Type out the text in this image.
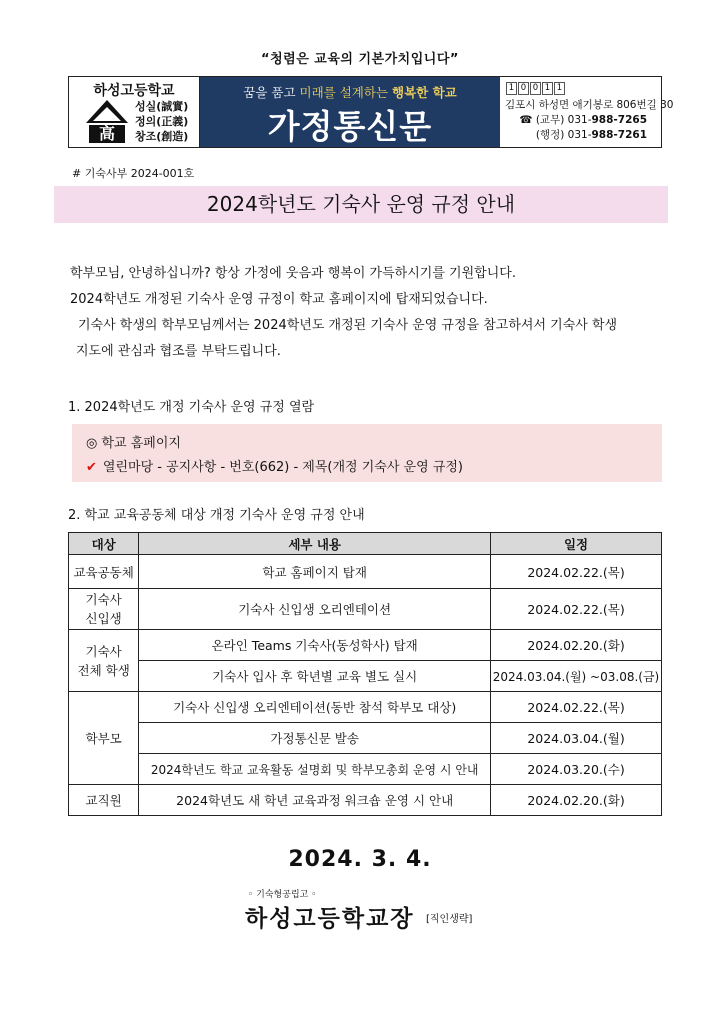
“청렴은 교육의 기본가치입니다”
하성고등학교
高
성실(誠實)
정의(正義)
창조(創造)
꿈을 품고 미래를 설계하는 행복한 학교
가정통신문
1 0 0 1 1
김포시 하성면 애기봉로 806번길 30
☎ (교무) 031-988-7265
(행정) 031-988-7261
# 기숙사부 2024-001호
2024학년도 기숙사 운영 규정 안내
학부모님, 안녕하십니까? 항상 가정에 웃음과 행복이 가득하시기를 기원합니다.
2024학년도 개정된 기숙사 운영 규정이 학교 홈페이지에 탑재되었습니다.
기숙사 학생의 학부모님께서는 2024학년도 개정된 기숙사 운영 규정을 참고하셔서 기숙사 학생
지도에 관심과 협조를 부탁드립니다.
1. 2024학년도 개정 기숙사 운영 규정 열람
◎ 학교 홈페이지
✔ 열린마당 - 공지사항 - 번호(662) - 제목(개정 기숙사 운영 규정)
2. 학교 교육공동체 대상 개정 기숙사 운영 규정 안내
대상	세부 내용	일정
교육공동체	학교 홈페이지 탑재	2024.02.22.(목)

기숙사
신입생	기숙사 신입생 오리엔테이션	2024.02.22.(목)

기숙사
전체 학생	온라인 Teams 기숙사(동성학사) 탑재	2024.02.20.(화)
	기숙사 입사 후 학년별 교육 별도 실시	2024.03.04.(월) ~03.08.(금)
학부모	기숙사 신입생 오리엔테이션(동반 참석 학부모 대상)	2024.02.22.(목)
	가정통신문 발송	2024.03.04.(월)
	2024학년도 학교 교육활동 설명회 및 학부모총회 운영 시 안내	2024.03.20.(수)
교직원	2024학년도 새 학년 교육과정 워크숍 운영 시 안내	2024.02.20.(화)
2024. 3. 4.
◦ 기숙형공립고 ◦
하성고등학교장 [직인생략]
